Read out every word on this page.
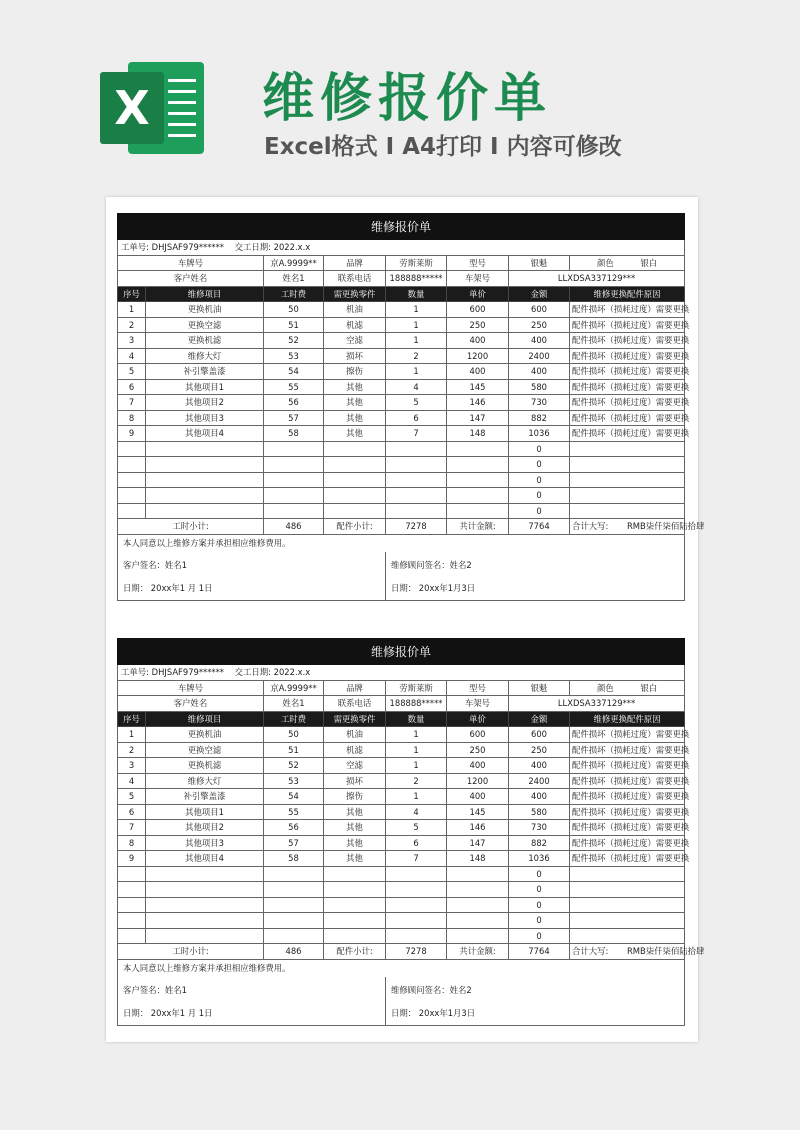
X 维修报价单
Excel格式 I A4打印 I 内容可修改
维修报价单							
工单号: DHJSAF979****** 交工日期: 2022.x.x							
车牌号		京A.9999**	品牌	劳斯莱斯	型号	银魁	颜色 银白
客户姓名		姓名1	联系电话	188888*****	车架号	LLXDSA337129***	
序号	维修项目	工时费	需更换零件	数量	单价	金额	维修更换配件原因
1	更换机油	50	机油	1	600	600	配件损坏（损耗过度）需要更换
2	更换空滤	51	机滤	1	250	250	配件损坏（损耗过度）需要更换
3	更换机滤	52	空滤	1	400	400	配件损坏（损耗过度）需要更换
4	维修大灯	53	损坏	2	1200	2400	配件损坏（损耗过度）需要更换
5	补引擎盖漆	54	擦伤	1	400	400	配件损坏（损耗过度）需要更换
6	其他项目1	55	其他	4	145	580	配件损坏（损耗过度）需要更换
7	其他项目2	56	其他	5	146	730	配件损坏（损耗过度）需要更换
8	其他项目3	57	其他	6	147	882	配件损坏（损耗过度）需要更换
9	其他项目4	58	其他	7	148	1036	配件损坏（损耗过度）需要更换
						0	
						0	
						0	
						0	
						0	
工时小计:		486	配件小计:	7278	共计金额:	7764	合计大写: RMB柒仟柒佰陆拾肆
本人同意以上维修方案并承担相应维修费用。							
客户签名：姓名1				维修顾问签名：姓名2			
日期： 20xx年1 月 1日				日期： 20xx年1月3日			
维修报价单							
工单号: DHJSAF979****** 交工日期: 2022.x.x							
车牌号		京A.9999**	品牌	劳斯莱斯	型号	银魁	颜色 银白
客户姓名		姓名1	联系电话	188888*****	车架号	LLXDSA337129***	
序号	维修项目	工时费	需更换零件	数量	单价	金额	维修更换配件原因
1	更换机油	50	机油	1	600	600	配件损坏（损耗过度）需要更换
2	更换空滤	51	机滤	1	250	250	配件损坏（损耗过度）需要更换
3	更换机滤	52	空滤	1	400	400	配件损坏（损耗过度）需要更换
4	维修大灯	53	损坏	2	1200	2400	配件损坏（损耗过度）需要更换
5	补引擎盖漆	54	擦伤	1	400	400	配件损坏（损耗过度）需要更换
6	其他项目1	55	其他	4	145	580	配件损坏（损耗过度）需要更换
7	其他项目2	56	其他	5	146	730	配件损坏（损耗过度）需要更换
8	其他项目3	57	其他	6	147	882	配件损坏（损耗过度）需要更换
9	其他项目4	58	其他	7	148	1036	配件损坏（损耗过度）需要更换
						0	
						0	
						0	
						0	
						0	
工时小计:		486	配件小计:	7278	共计金额:	7764	合计大写: RMB柒仟柒佰陆拾肆
本人同意以上维修方案并承担相应维修费用。							
客户签名：姓名1				维修顾问签名：姓名2			
日期： 20xx年1 月 1日				日期： 20xx年1月3日			
